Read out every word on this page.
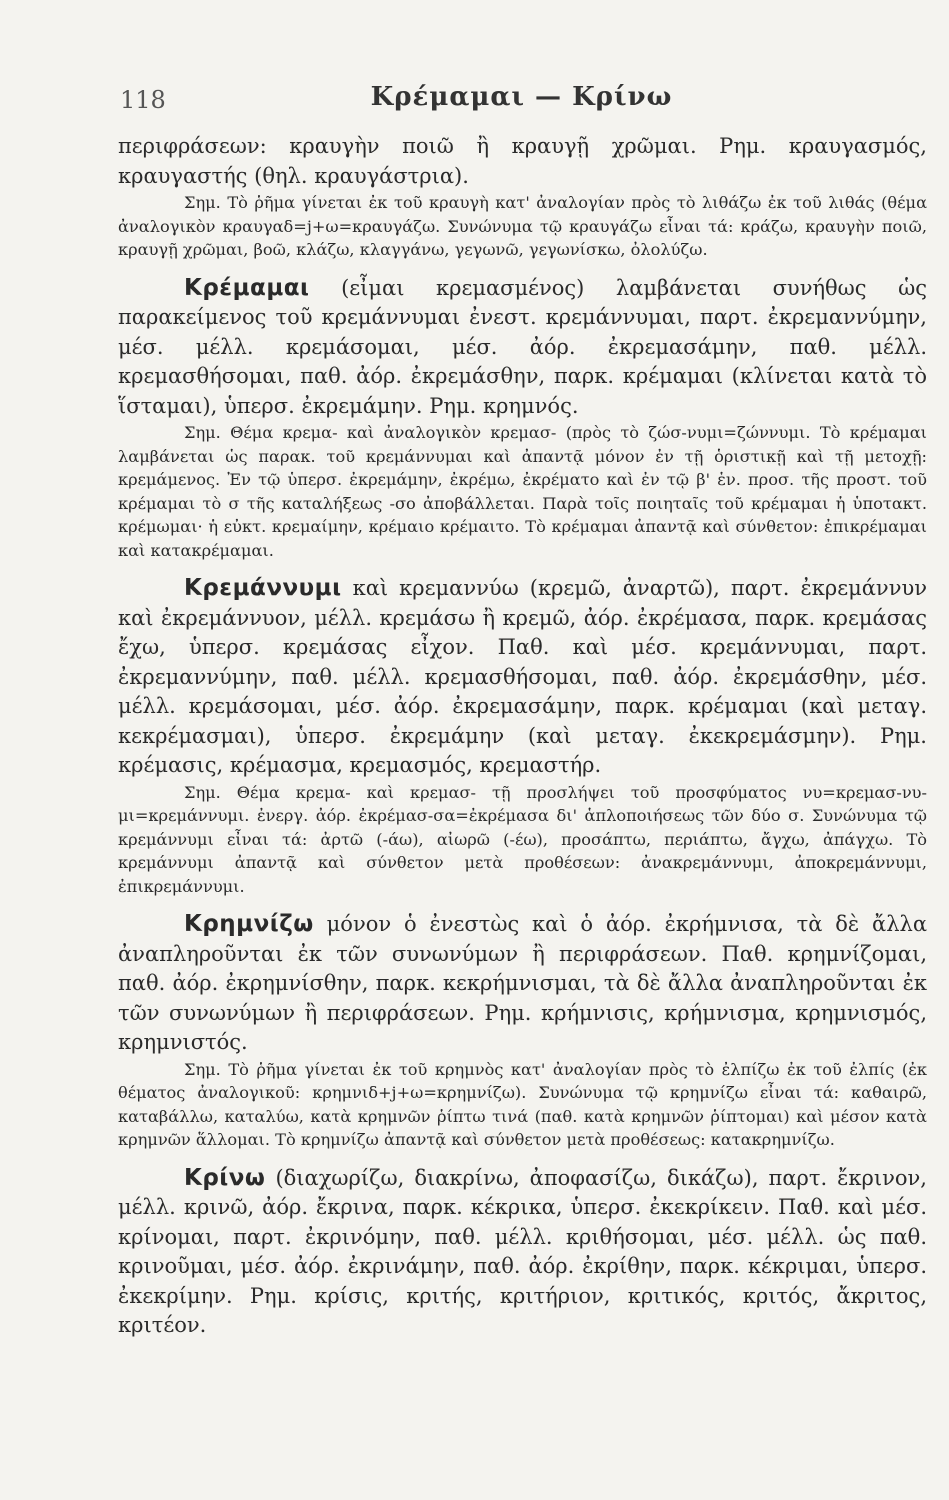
118	Κρέμαμαι — Κρίνω

περιφράσεων: κραυγὴν ποιῶ ἢ κραυγῇ χρῶμαι. Ρημ. κραυγασμός, κραυγαστής (θηλ. κραυγάστρια).

Σημ. Τὸ ῥῆμα γίνεται ἐκ τοῦ κραυγὴ κατ' ἀναλογίαν πρὸς τὸ λιθάζω ἐκ τοῦ λιθάς (θέμα ἀναλογικὸν κραυγαδ=j+ω=κραυγάζω. Συνώνυμα τῷ κραυγάζω εἶναι τά: κράζω, κραυγὴν ποιῶ, κραυγῇ χρῶμαι, βοῶ, κλάζω, κλαγγάνω, γεγωνῶ, γεγωνίσκω, ὀλολύζω.

Κρέμαμαι (εἶμαι κρεμασμένος) λαμβάνεται συνήθως ὡς παρακείμενος τοῦ κρεμάννυμαι ἐνεστ. κρεμάννυμαι, παρτ. ἐκρεμαννύμην, μέσ. μέλλ. κρεμάσομαι, μέσ. ἀόρ. ἐκρεμασάμην, παθ. μέλλ. κρεμασθήσομαι, παθ. ἀόρ. ἐκρεμάσθην, παρκ. κρέμαμαι (κλίνεται κατὰ τὸ ἵσταμαι), ὑπερσ. ἐκρεμάμην. Ρημ. κρημνός.

Σημ. Θέμα κρεμα- καὶ ἀναλογικὸν κρεμασ- (πρὸς τὸ ζώσ-νυμι=ζώννυμι. Τὸ κρέμαμαι λαμβάνεται ὡς παρακ. τοῦ κρεμάννυμαι καὶ ἀπαντᾷ μόνον ἐν τῇ ὁριστικῇ καὶ τῇ μετοχῇ: κρεμάμενος. Ἐν τῷ ὑπερσ. ἐκρεμάμην, ἐκρέμω, ἐκρέματο καὶ ἐν τῷ β' ἑν. προσ. τῆς προστ. τοῦ κρέμαμαι τὸ σ τῆς καταλήξεως -σο ἀποβάλλεται. Παρὰ τοῖς ποιηταῖς τοῦ κρέμαμαι ἡ ὑποτακτ. κρέμωμαι· ἡ εὐκτ. κρεμαίμην, κρέμαιο κρέμαιτο. Τὸ κρέμαμαι ἀπαντᾷ καὶ σύνθετον: ἐπικρέμαμαι καὶ κατακρέμαμαι.

Κρεμάννυμι καὶ κρεμαννύω (κρεμῶ, ἀναρτῶ), παρτ. ἐκρεμάννυν καὶ ἐκρεμάννυον, μέλλ. κρεμάσω ἢ κρεμῶ, ἀόρ. ἐκρέμασα, παρκ. κρεμάσας ἔχω, ὑπερσ. κρεμάσας εἶχον. Παθ. καὶ μέσ. κρεμάννυμαι, παρτ. ἐκρεμαννύμην, παθ. μέλλ. κρεμασθήσομαι, παθ. ἀόρ. ἐκρεμάσθην, μέσ. μέλλ. κρεμάσομαι, μέσ. ἀόρ. ἐκρεμασάμην, παρκ. κρέμαμαι (καὶ μεταγ. κεκρέμασμαι), ὑπερσ. ἐκρεμάμην (καὶ μεταγ. ἐκεκρεμάσμην). Ρημ. κρέμασις, κρέμασμα, κρεμασμός, κρεμαστήρ.

Σημ. Θέμα κρεμα- καὶ κρεμασ- τῇ προσλήψει τοῦ προσφύματος νυ=κρεμασ-νυ-μι=κρεμάννυμι. ἐνεργ. ἀόρ. ἐκρέμασ-σα=ἐκρέμασα δι' ἁπλοποιήσεως τῶν δύο σ. Συνώνυμα τῷ κρεμάννυμι εἶναι τά: ἀρτῶ (-άω), αἰωρῶ (-έω), προσάπτω, περιάπτω, ἄγχω, ἀπάγχω. Τὸ κρεμάννυμι ἀπαντᾷ καὶ σύνθετον μετὰ προθέσεων: ἀνακρεμάννυμι, ἀποκρεμάννυμι, ἐπικρεμάννυμι.

Κρημνίζω μόνον ὁ ἐνεστὼς καὶ ὁ ἀόρ. ἐκρήμνισα, τὰ δὲ ἄλλα ἀναπληροῦνται ἐκ τῶν συνωνύμων ἢ περιφράσεων. Παθ. κρημνίζομαι, παθ. ἀόρ. ἐκρημνίσθην, παρκ. κεκρήμνισμαι, τὰ δὲ ἄλλα ἀναπληροῦνται ἐκ τῶν συνωνύμων ἢ περιφράσεων. Ρημ. κρήμνισις, κρήμνισμα, κρημνισμός, κρημνιστός.

Σημ. Τὸ ῥῆμα γίνεται ἐκ τοῦ κρημνὸς κατ' ἀναλογίαν πρὸς τὸ ἐλπίζω ἐκ τοῦ ἐλπίς (ἐκ θέματος ἀναλογικοῦ: κρημνιδ+j+ω=κρημνίζω). Συνώνυμα τῷ κρημνίζω εἶναι τά: καθαιρῶ, καταβάλλω, καταλύω, κατὰ κρημνῶν ῥίπτω τινά (παθ. κατὰ κρημνῶν ῥίπτομαι) καὶ μέσον κατὰ κρημνῶν ἅλλομαι. Τὸ κρημνίζω ἀπαντᾷ καὶ σύνθετον μετὰ προθέσεως: κατακρημνίζω.

Κρίνω (διαχωρίζω, διακρίνω, ἀποφασίζω, δικάζω), παρτ. ἔκρινον, μέλλ. κρινῶ, ἀόρ. ἔκρινα, παρκ. κέκρικα, ὑπερσ. ἐκεκρίκειν. Παθ. καὶ μέσ. κρίνομαι, παρτ. ἐκρινόμην, παθ. μέλλ. κριθήσομαι, μέσ. μέλλ. ὡς παθ. κρινοῦμαι, μέσ. ἀόρ. ἐκρινάμην, παθ. ἀόρ. ἐκρίθην, παρκ. κέκριμαι, ὑπερσ. ἐκεκρίμην. Ρημ. κρίσις, κριτής, κριτήριον, κριτικός, κριτός, ἄκριτος, κριτέον.
